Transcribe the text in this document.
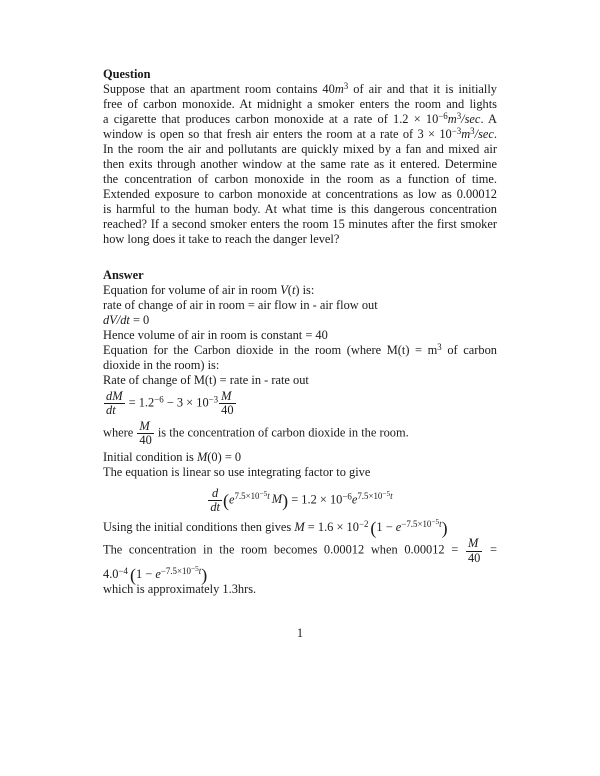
Question
Suppose that an apartment room contains $40m^3$ of air and that it is initially
free of carbon monoxide. At midnight a smoker enters the room and lights
a cigarette that produces carbon monoxide at a rate of $1.2 \times 10^{-6}m^3/\sec$. A
window is open so that fresh air enters the room at a rate of $3 \times 10^{-3}m^3/\sec$.
In the room the air and pollutants are quickly mixed by a fan and mixed air
then exits through another window at the same rate as it entered. Determine
the concentration of carbon monoxide in the room as a function of time.
Extended exposure to carbon monoxide at concentrations as low as 0.00012
is harmful to the human body. At what time is this dangerous concentration
reached? If a second smoker enters the room 15 minutes after the first smoker
how long does it take to reach the danger level?
Answer
Equation for volume of air in room V(t) is:
rate of change of air in room = air flow in - air flow out
dV/dt = 0
Hence volume of air in room is constant = 40
Equation for the Carbon dioxide in the room (where $M(t) = m^3$ of carbon
dioxide in the room) is:
Rate of change of M(t) = rate in - rate out
$\frac{dM}{dt} = 1.2^{-6} - 3 \times 10^{-3} \frac{M}{40}$
where $\frac{M}{40}$ is the concentration of carbon dioxide in the room.
Initial condition is M(0) = 0
The equation is linear so use integrating factor to give
$\frac{d}{dt} (e^{7.5\times 10^{-5}t}$ $M) = 1.2 \times 10^{-6}e^{7.5\times 10^{-5}t}$
Using the initial conditions then gives $M = 1.6 \times 10^{-2}$ $(1 - e^{-7.5\times 10^{-5}t})$
The concentration in the room becomes 0.00012 when $0.00012 = \frac{M}{40}$ =
$4.0^{-4}$ $(1 - e^{-7.5\times 10^{-5}t})$
which is approximately 1.3hrs.
1
